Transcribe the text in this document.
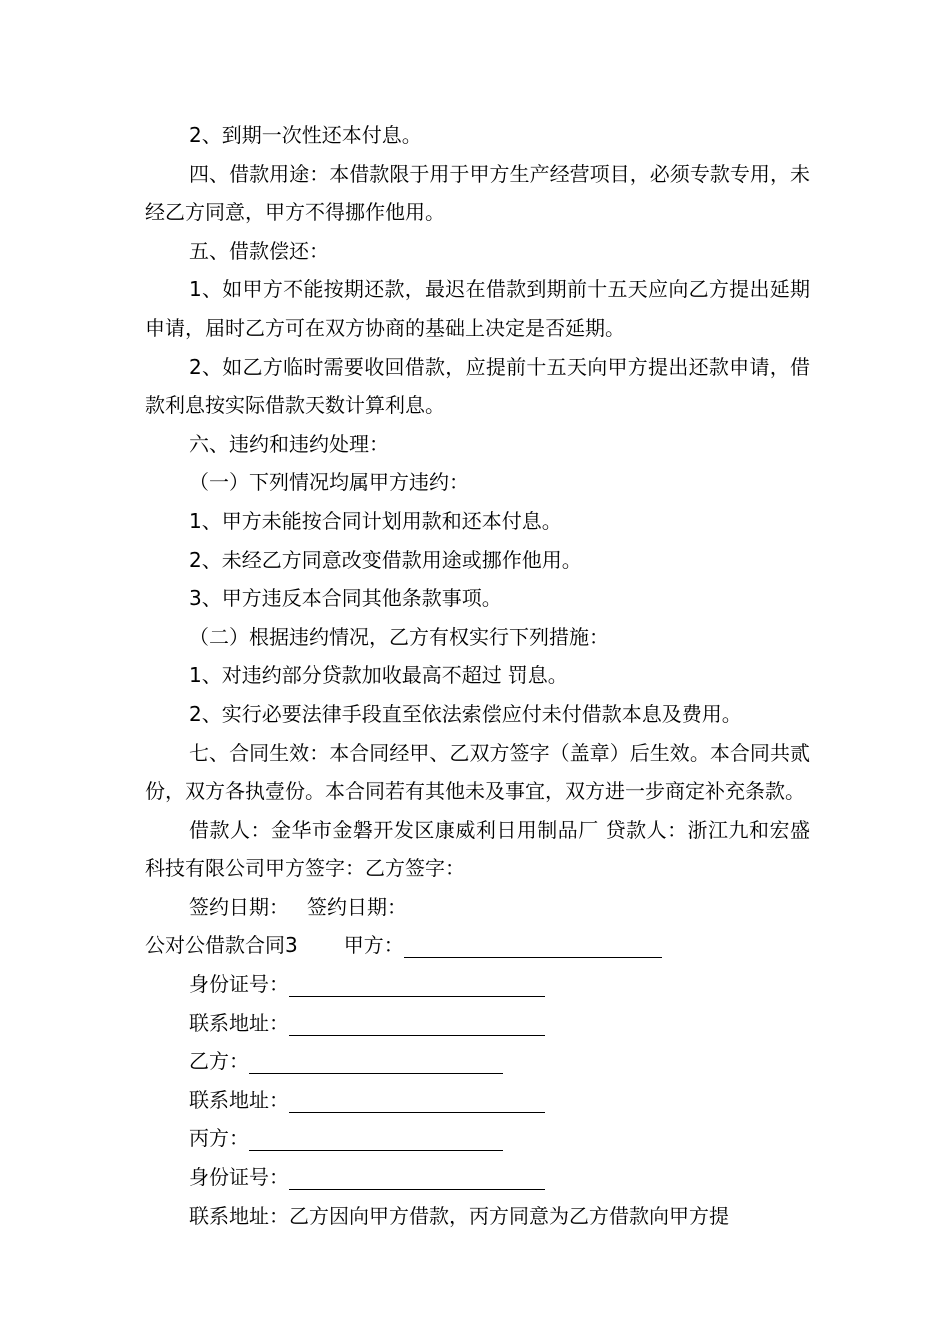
2、到期一次性还本付息。

四、借款用途：本借款限于用于甲方生产经营项目，必须专款专用，未经乙方同意，甲方不得挪作他用。

五、借款偿还：

1、如甲方不能按期还款，最迟在借款到期前十五天应向乙方提出延期申请，届时乙方可在双方协商的基础上决定是否延期。

2、如乙方临时需要收回借款，应提前十五天向甲方提出还款申请，借款利息按实际借款天数计算利息。

六、违约和违约处理：

（一）下列情况均属甲方违约：

1、甲方未能按合同计划用款和还本付息。

2、未经乙方同意改变借款用途或挪作他用。

3、甲方违反本合同其他条款事项。

（二）根据违约情况，乙方有权实行下列措施：

1、对违约部分贷款加收最高不超过 罚息。

2、实行必要法律手段直至依法索偿应付未付借款本息及费用。

七、合同生效：本合同经甲、乙双方签字（盖章）后生效。本合同共贰份，双方各执壹份。本合同若有其他未及事宜，双方进一步商定补充条款。

借款人：金华市金磐开发区康威利日用制品厂 贷款人：浙江九和宏盛科技有限公司甲方签字：乙方签字：

签约日期： 签约日期：

公对公借款合同3 甲方：

身份证号：

联系地址：

乙方：

联系地址：

丙方：

身份证号：

联系地址：乙方因向甲方借款，丙方同意为乙方借款向甲方提
